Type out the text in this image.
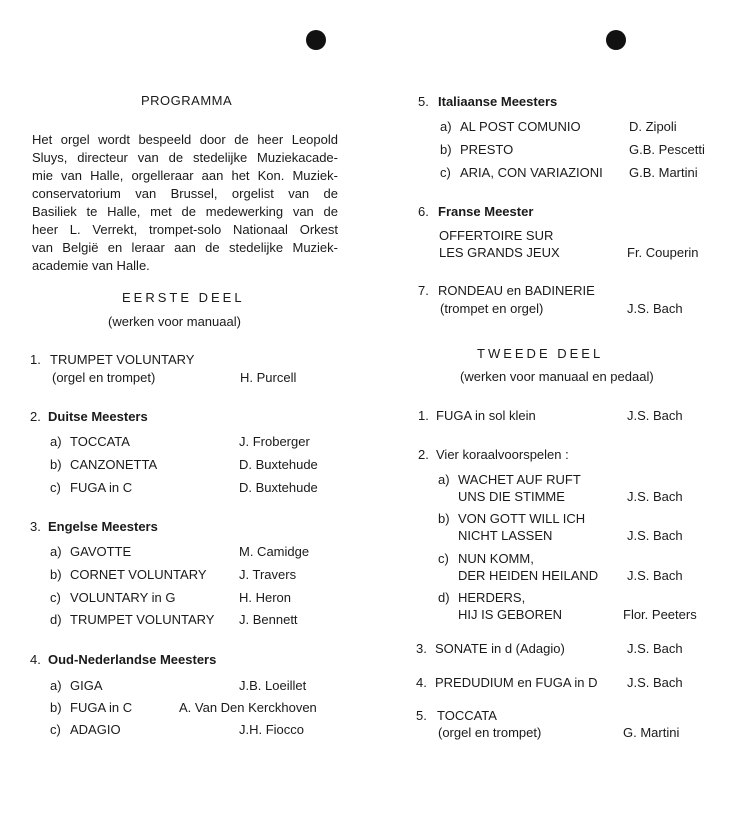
PROGRAMMA
Het orgel wordt bespeeld door de heer Leopold
Sluys, directeur van de stedelijke Muziekacade-
mie van Halle, orgelleraar aan het Kon. Muziek-
conservatorium van Brussel, orgelist van de
Basiliek te Halle, met de medewerking van de
heer L. Verrekt, trompet-solo Nationaal Orkest
van België en leraar aan de stedelijke Muziek-
academie van Halle.
EERSTE DEEL
(werken voor manuaal)
1. TRUMPET VOLUNTARY
(orgel en trompet)	H. Purcell
2. Duitse Meesters
a) TOCCATA	J. Froberger
b) CANZONETTA	D. Buxtehude
c) FUGA in C	D. Buxtehude
3. Engelse Meesters
a) GAVOTTE	M. Camidge
b) CORNET VOLUNTARY J. Travers
c) VOLUNTARY in G	H. Heron
d) TRUMPET VOLUNTARY J. Bennett
4. Oud-Nederlandse Meesters
a) GIGA	J.B. Loeillet
b) FUGA in C	A. Van Den Kerckhoven
c) ADAGIO	J.H. Fiocco
5. Italiaanse Meesters
a) AL POST COMUNIO	D. Zipoli
b) PRESTO	G.B. Pescetti
c) ARIA, CON VARIAZIONI G.B. Martini
6. Franse Meester
OFFERTOIRE SUR
LES GRANDS JEUX	Fr. Couperin
7. RONDEAU en BADINERIE
(trompet en orgel)	J.S. Bach
TWEEDE DEEL
(werken voor manuaal en pedaal)
1. FUGA in sol klein	J.S. Bach
2. Vier koraalvoorspelen :
a) WACHET AUF RUFT
UNS DIE STIMME	J.S. Bach
b) VON GOTT WILL ICH
NICHT LASSEN	J.S. Bach
c) NUN KOMM,
DER HEIDEN HEILAND J.S. Bach
d) HERDERS,
HIJ IS GEBOREN	Flor. Peeters
3. SONATE in d (Adagio)	J.S. Bach
4. PREDUDIUM en FUGA in D J.S. Bach
5. TOCCATA
(orgel en trompet)	G. Martini
